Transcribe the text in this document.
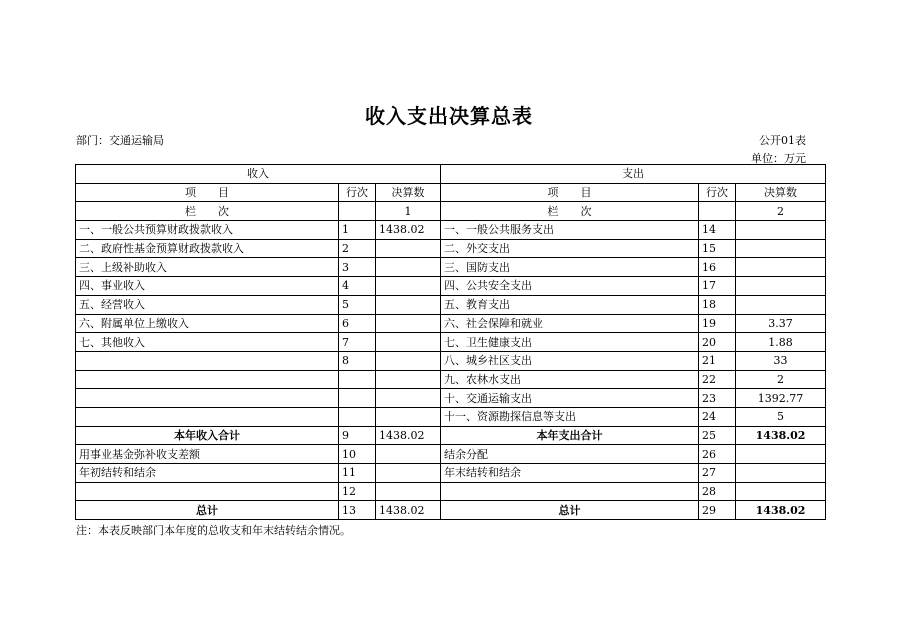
收入支出决算总表
部门：交通运输局	公开01表
单位：万元
收入			支出		
项　　目	行次	决算数	项　　目	行次	决算数
栏　　次		1	栏　　次		2
一、一般公共预算财政拨款收入	1	1438.02	一、一般公共服务支出	14	
二、政府性基金预算财政拨款收入	2		二、外交支出	15	
三、上级补助收入	3		三、国防支出	16	
四、事业收入	4		四、公共安全支出	17	
五、经营收入	5		五、教育支出	18	
六、附属单位上缴收入	6		六、社会保障和就业	19	3.37
七、其他收入	7		七、卫生健康支出	20	1.88
	8		八、城乡社区支出	21	33
			九、农林水支出	22	2
			十、交通运输支出	23	1392.77
			十一、资源勘探信息等支出	24	5
本年收入合计	9	1438.02	本年支出合计	25	1438.02
用事业基金弥补收支差额	10		结余分配	26	
年初结转和结余	11		年末结转和结余	27	
	12			28	
总计	13	1438.02	总计	29	1438.02
注：本表反映部门本年度的总收支和年末结转结余情况。
